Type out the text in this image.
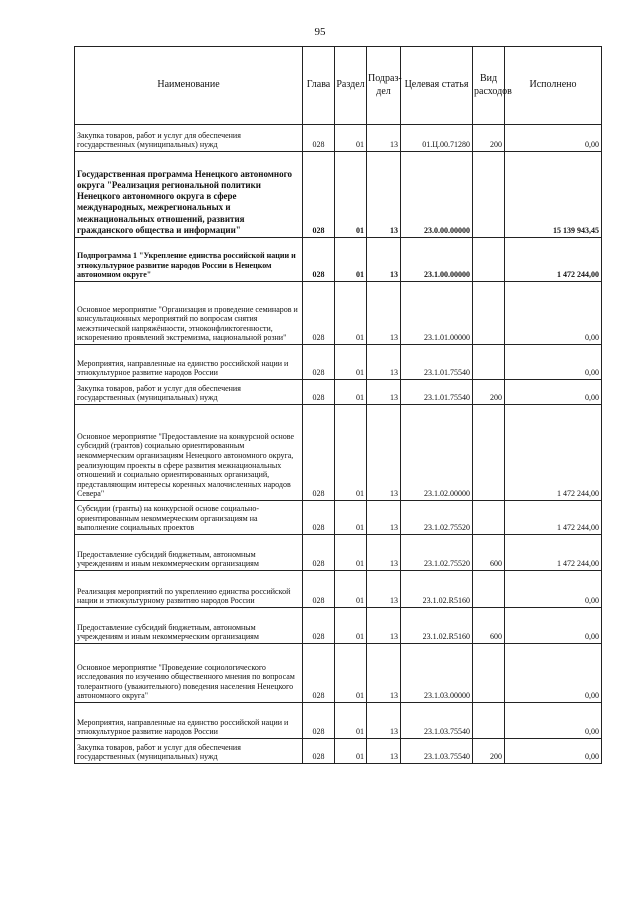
95
Наименование	Глава	Раздел	Подраз-дел	Целевая статья	Вид расходов	Исполнено
Закупка товаров, работ и услуг для обеспечения государственных (муниципальных) нужд	028	01	13	01.Ц.00.71280	200	0,00
Государственная программа Ненецкого автономного округа "Реализация региональной политики Ненецкого автономного округа в сфере международных, межрегиональных и межнациональных отношений, развития гражданского общества и информации"	028	01	13	23.0.00.00000		15 139 943,45
Подпрограмма 1 "Укрепление единства российской нации и этнокультурное развитие народов России в Ненецком автономном округе"	028	01	13	23.1.00.00000		1 472 244,00
Основное мероприятие "Организация и проведение семинаров и консультационных мероприятий по вопросам снятия межэтнической напряжённости, этноконфликтогенности, искоренению проявлений экстремизма, национальной розни"	028	01	13	23.1.01.00000		0,00
Мероприятия, направленные на единство российской нации и этнокультурное развитие народов России	028	01	13	23.1.01.75540		0,00
Закупка товаров, работ и услуг для обеспечения государственных (муниципальных) нужд	028	01	13	23.1.01.75540	200	0,00
Основное мероприятие "Предоставление на конкурсной основе субсидий (грантов) социально ориентированным некоммерческим организациям Ненецкого автономного округа, реализующим проекты в сфере развития межнациональных отношений и социально ориентированных организаций, представляющим интересы коренных малочисленных народов Севера"	028	01	13	23.1.02.00000		1 472 244,00
Субсидии (гранты) на конкурсной основе социально-ориентированным некоммерческим организациям на выполнение социальных проектов	028	01	13	23.1.02.75520		1 472 244,00
Предоставление субсидий бюджетным, автономным учреждениям и иным некоммерческим организациям	028	01	13	23.1.02.75520	600	1 472 244,00
Реализация мероприятий по укреплению единства российской нации и этнокультурному развитию народов России	028	01	13	23.1.02.R5160		0,00
Предоставление субсидий бюджетным, автономным учреждениям и иным некоммерческим организациям	028	01	13	23.1.02.R5160	600	0,00
Основное мероприятие "Проведение социологического исследования по изучению общественного мнения по вопросам толерантного (уважительного) поведения населения Ненецкого автономного округа"	028	01	13	23.1.03.00000		0,00
Мероприятия, направленные на единство российской нации и этнокультурное развитие народов России	028	01	13	23.1.03.75540		0,00
Закупка товаров, работ и услуг для обеспечения государственных (муниципальных) нужд	028	01	13	23.1.03.75540	200	0,00
